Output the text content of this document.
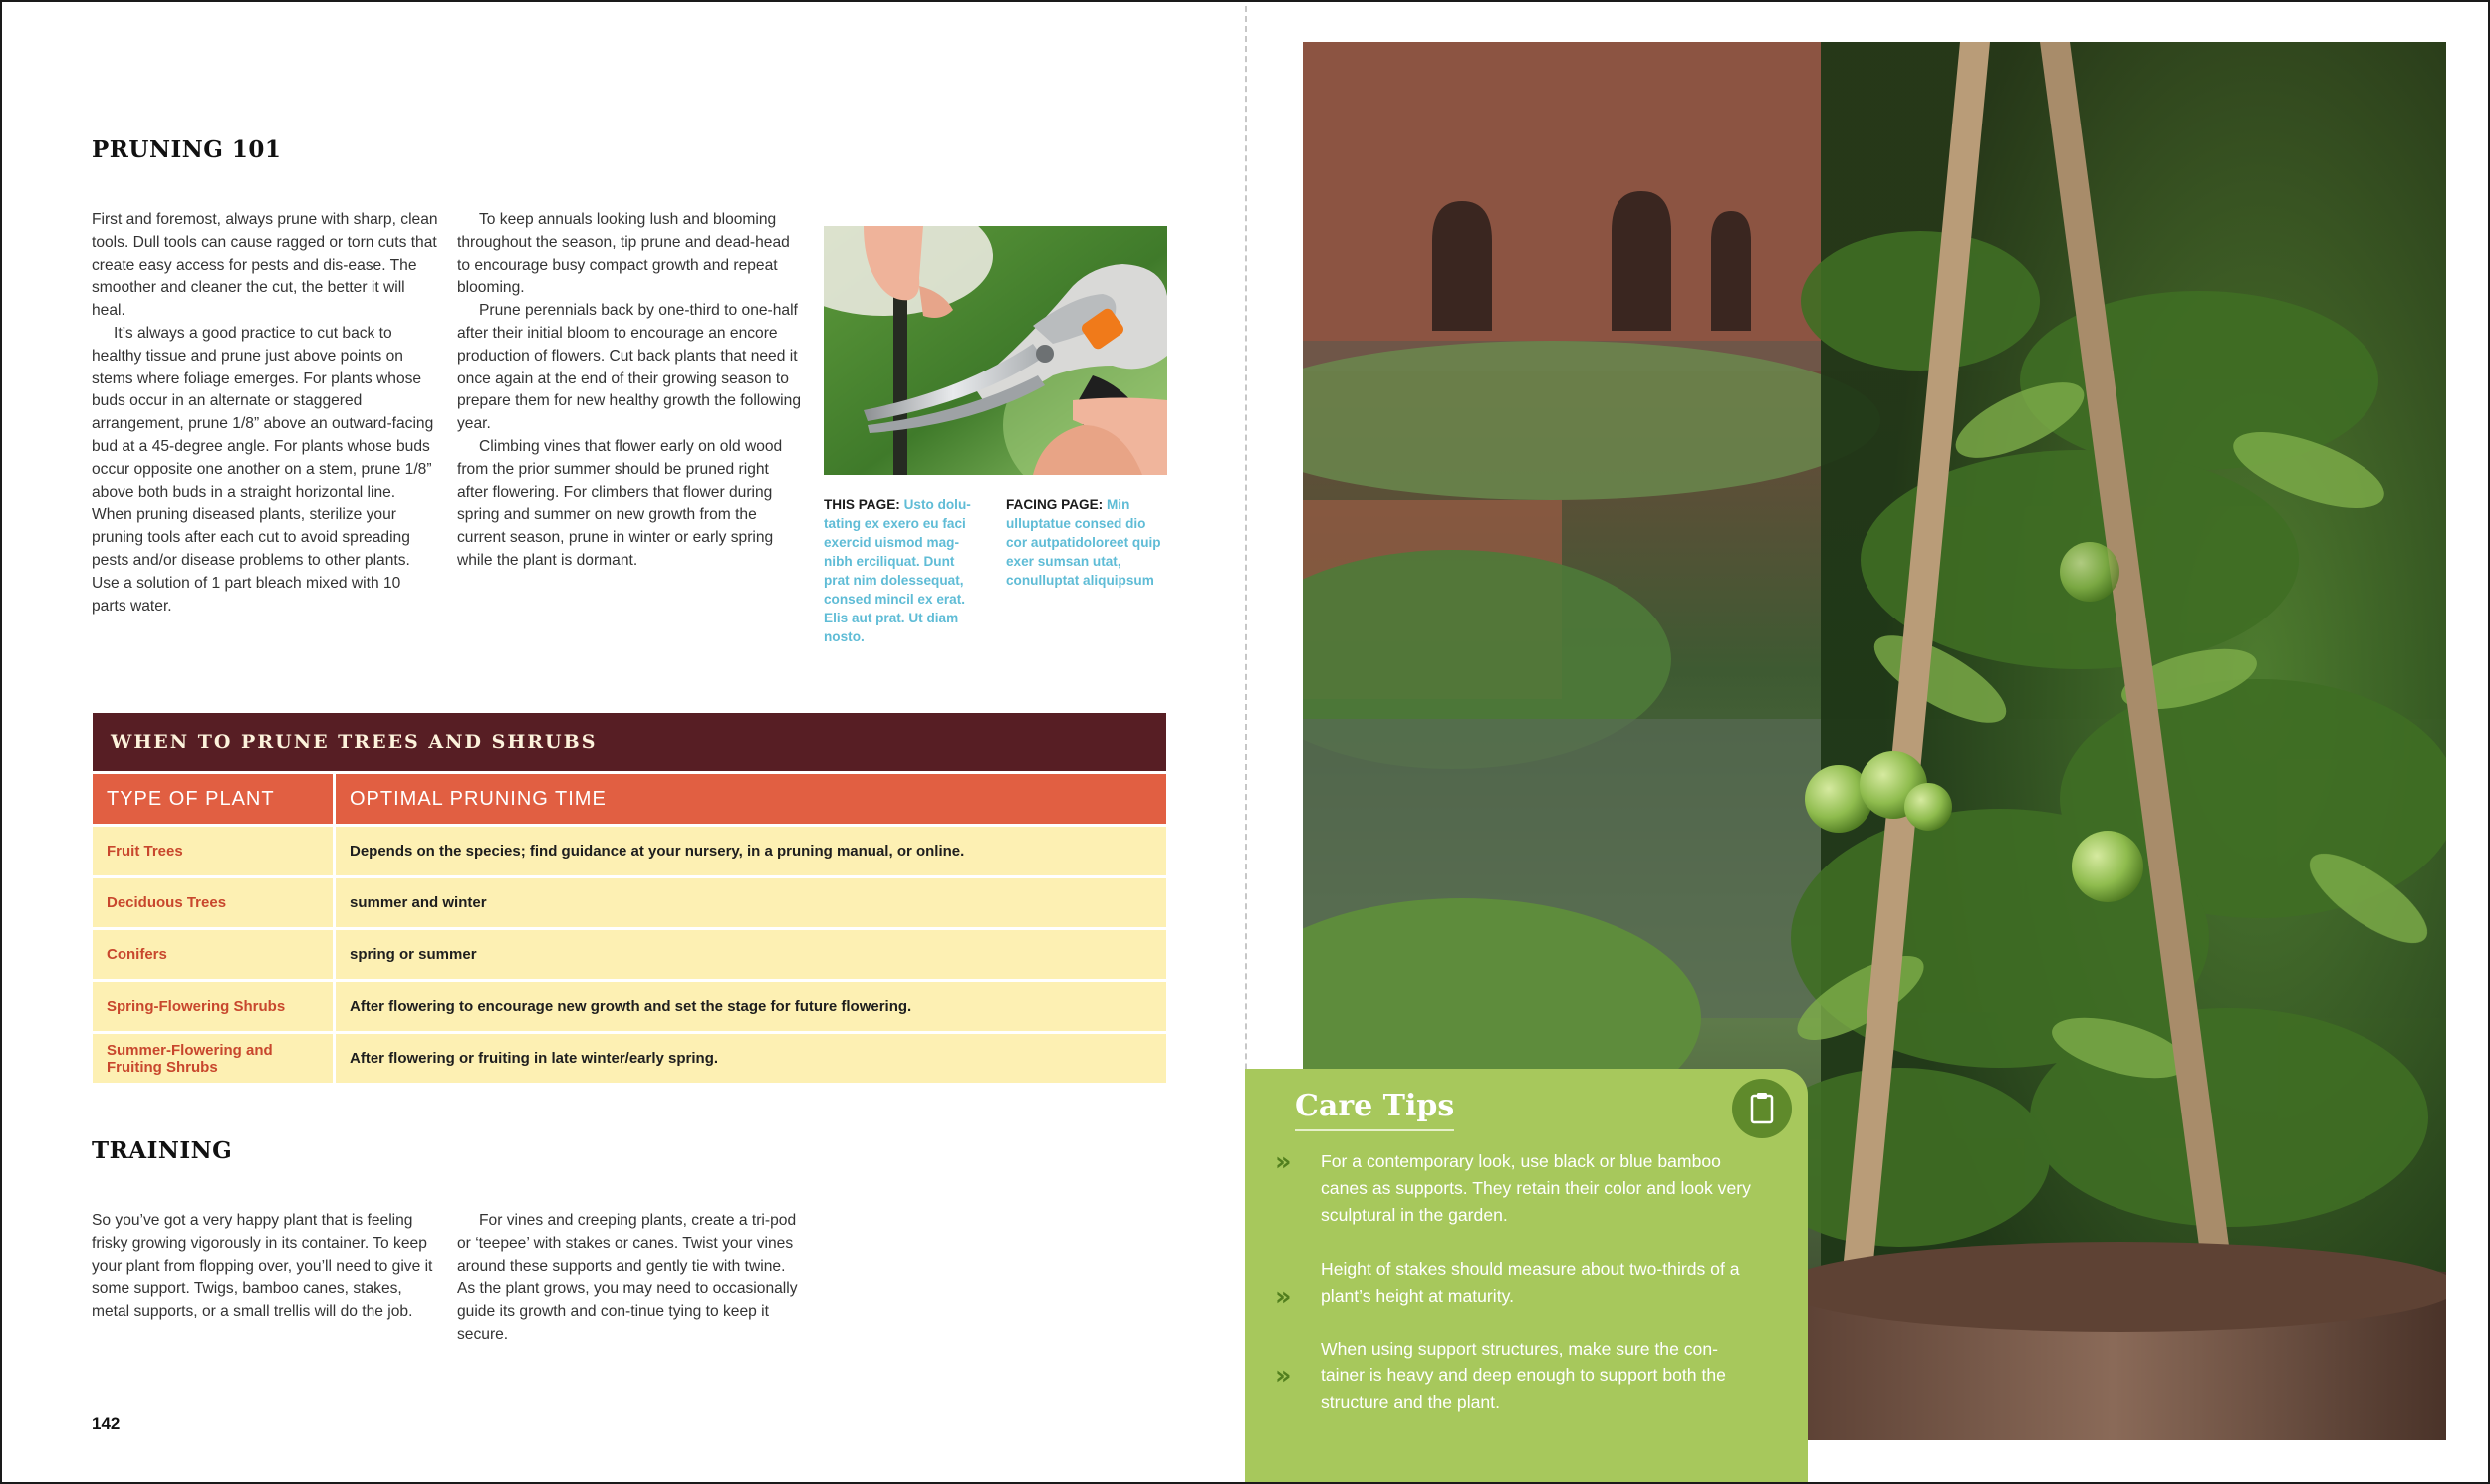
PRUNING 101

First and foremost, always prune with sharp, clean tools. Dull tools can cause ragged or torn cuts that create easy access for pests and dis-ease. The smoother and cleaner the cut, the better it will heal.

It’s always a good practice to cut back to healthy tissue and prune just above points on stems where foliage emerges. For plants whose buds occur in an alternate or staggered arrangement, prune 1/8” above an outward-facing bud at a 45-degree angle. For plants whose buds occur opposite one another on a stem, prune 1/8” above both buds in a straight horizontal line. When pruning diseased plants, sterilize your pruning tools after each cut to avoid spreading pests and/or disease problems to other plants. Use a solution of 1 part bleach mixed with 10 parts water.

To keep annuals looking lush and blooming throughout the season, tip prune and dead-head to encourage busy compact growth and repeat blooming.

Prune perennials back by one-third to one-half after their initial bloom to encourage an encore production of flowers. Cut back plants that need it once again at the end of their growing season to prepare them for new healthy growth the following year.

Climbing vines that flower early on old wood from the prior summer should be pruned right after flowering. For climbers that flower during spring and summer on new growth from the current season, prune in winter or early spring while the plant is dormant.

THIS PAGE: Usto dolu-tating ex exero eu faci exercid uismod mag-nibh erciliquat. Dunt prat nim dolessequat, consed mincil ex erat. Elis aut prat. Ut diam nosto.
FACING PAGE: Min ulluptatue consed dio cor autpatidoloreet quip exer sumsan utat, conulluptat aliquipsum
WHEN TO PRUNE TREES AND SHRUBS
TYPE OF PLANT	OPTIMAL PRUNING TIME
Fruit Trees	Depends on the species; find guidance at your nursery, in a pruning manual, or online.
Deciduous Trees	summer and winter
Conifers	spring or summer
Spring-Flowering Shrubs	After flowering to encourage new growth and set the stage for future flowering.
Summer-Flowering and Fruiting Shrubs	After flowering or fruiting in late winter/early spring.
TRAINING

So you’ve got a very happy plant that is feeling frisky growing vigorously in its container. To keep your plant from flopping over, you’ll need to give it some support. Twigs, bamboo canes, stakes, metal supports, or a small trellis will do the job.

For vines and creeping plants, create a tri-pod or ‘teepee’ with stakes or canes. Twist your vines around these supports and gently tie with twine. As the plant grows, you may need to occasionally guide its growth and con-tinue tying to keep it secure.

142
Care Tips
›› For a contemporary look, use black or blue bamboo canes as supports. They retain their color and look very sculptural in the garden.

››

Height of stakes should measure about two-thirds of a plant’s height at maturity.

››

When using support structures, make sure the con-tainer is heavy and deep enough to support both the structure and the plant.
